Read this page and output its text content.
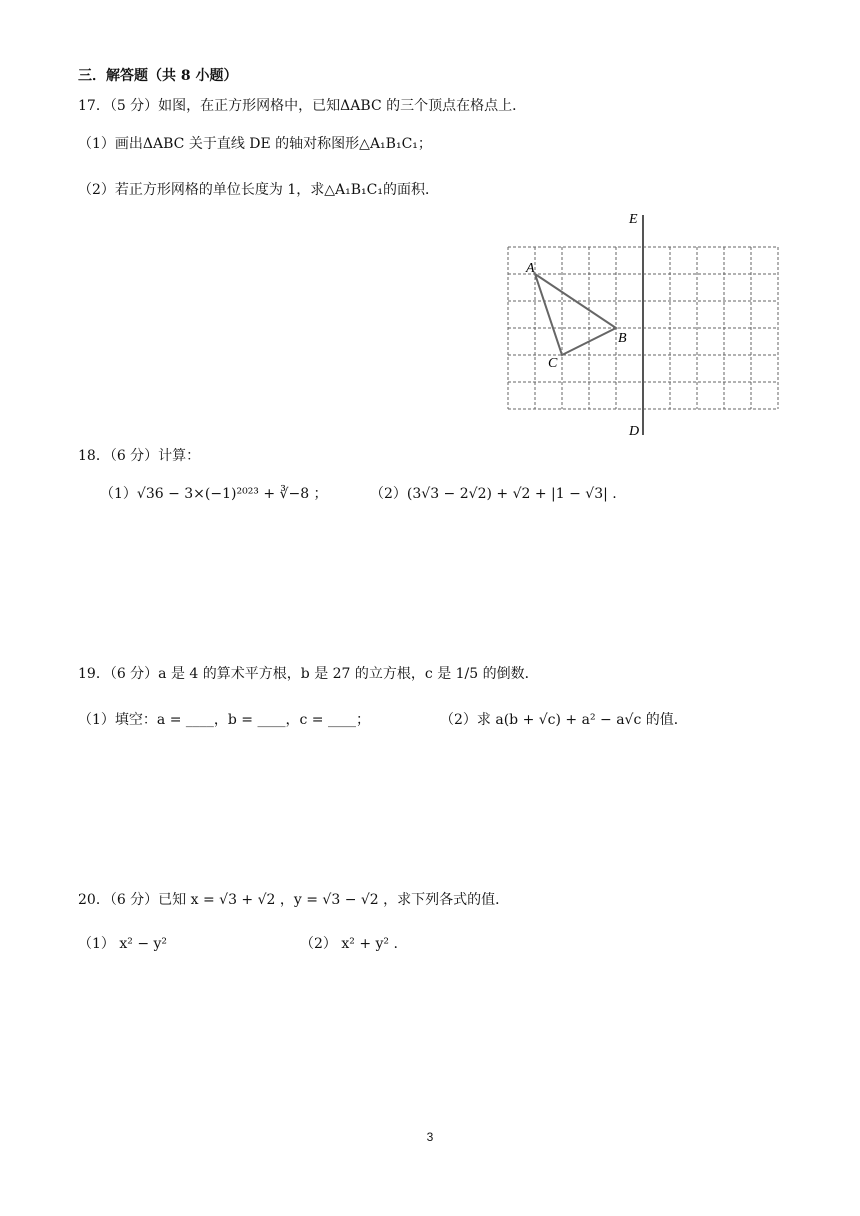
三．解答题（共 8 小题）
17．（5 分）如图，在正方形网格中，已知ΔABC 的三个顶点在格点上．
（1）画出ΔABC 关于直线 DE 的轴对称图形△A₁B₁C₁；
（2）若正方形网格的单位长度为 1，求△A₁B₁C₁的面积．
E
D
A
B
C
18．（6 分）计算：
（1）√36 − 3×(−1)²⁰²³ + ∛−8 ；	（2）(3√3 − 2√2) + √2 + |1 − √3| .
19．（6 分）a 是 4 的算术平方根，b 是 27 的立方根，c 是 1/5 的倒数．
（1）填空：a = ____，b = ____，c = ____；	（2）求 a(b + √c) + a² − a√c 的值．
20．（6 分）已知 x = √3 + √2 ，y = √3 − √2 ，求下列各式的值．
（1） x² − y²	（2） x² + y² .
3
